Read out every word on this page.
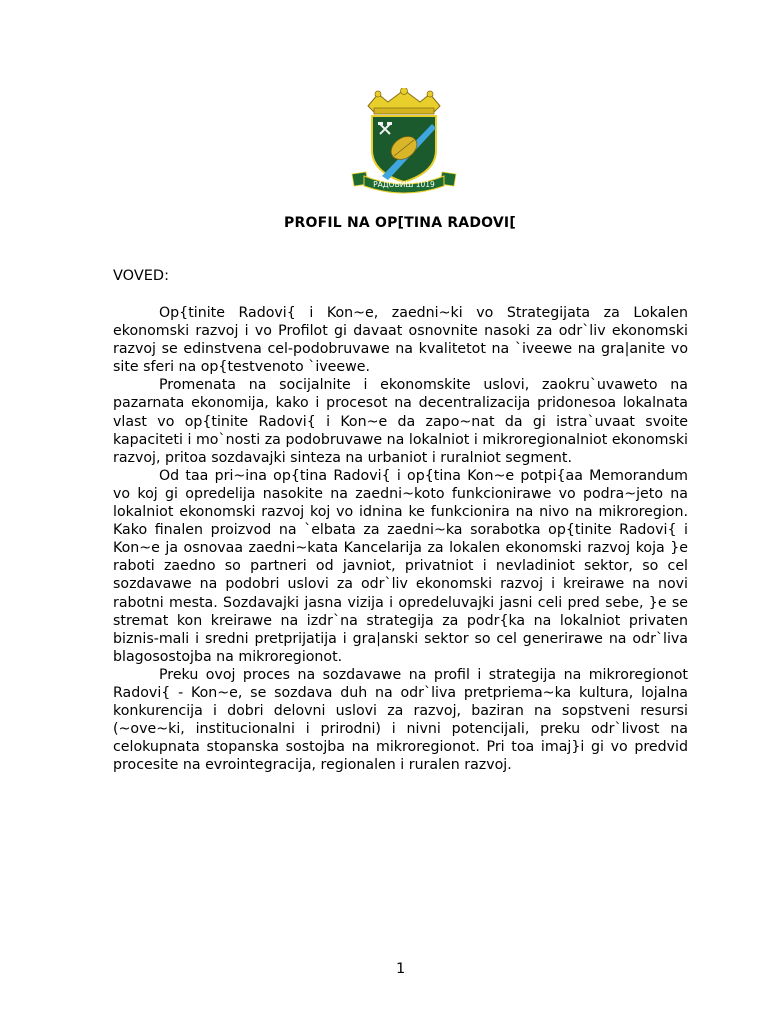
РАДОВИШ 1019
PROFIL NA OP[TINA RADOVI[
VOVED:

Op{tinite Radovi{ i Kon~e, zaedni~ki vo Strategijata za Lokalen ekonomski razvoj i vo Profilot gi davaat osnovnite nasoki za odr`liv ekonomski razvoj se edinstvena cel-podobruvawe na kvalitetot na `iveewe na gra|anite vo site sferi na op{testvenoto `iveewe.

Promenata na socijalnite i ekonomskite uslovi, zaokru`uvaweto na pazarnata ekonomija, kako i procesot na decentralizacija pridonesoa lokalnata vlast vo op{tinite Radovi{ i Kon~e da zapo~nat da gi istra`uvaat svoite kapaciteti i mo`nosti za podobruvawe na lokalniot i mikroregionalniot ekonomski razvoj, pritoa sozdavajki sinteza na urbaniot i ruralniot segment.

Od taa pri~ina op{tina Radovi{ i op{tina Kon~e potpi{aa Memorandum vo koj gi opredelija nasokite na zaedni~koto funkcionirawe vo podra~jeto na lokalniot ekonomski razvoj koj vo idnina ke funkcionira na nivo na mikroregion. Kako finalen proizvod na `elbata za zaedni~ka sorabotka op{tinite Radovi{ i Kon~e ja osnovaa zaedni~kata Kancelarija za lokalen ekonomski razvoj koja }e raboti zaedno so partneri od javniot, privatniot i nevladiniot sektor, so cel sozdavawe na podobri uslovi za odr`liv ekonomski razvoj i kreirawe na novi rabotni mesta. Sozdavajki jasna vizija i opredeluvajki jasni celi pred sebe, }e se stremat kon kreirawe na izdr`na strategija za podr{ka na lokalniot privaten biznis-mali i sredni pretprijatija i gra|anski sektor so cel generirawe na odr`liva blagosostojba na mikroregionot.

Preku ovoj proces na sozdavawe na profil i strategija na mikroregionot Radovi{ - Kon~e, se sozdava duh na odr`liva pretpriema~ka kultura, lojalna konkurencija i dobri delovni uslovi za razvoj, baziran na sopstveni resursi (~ove~ki, institucionalni i prirodni) i nivni potencijali, preku odr`livost na celokupnata stopanska sostojba na mikroregionot. Pri toa imaj}i gi vo predvid procesite na evrointegracija, regionalen i ruralen razvoj.

1
